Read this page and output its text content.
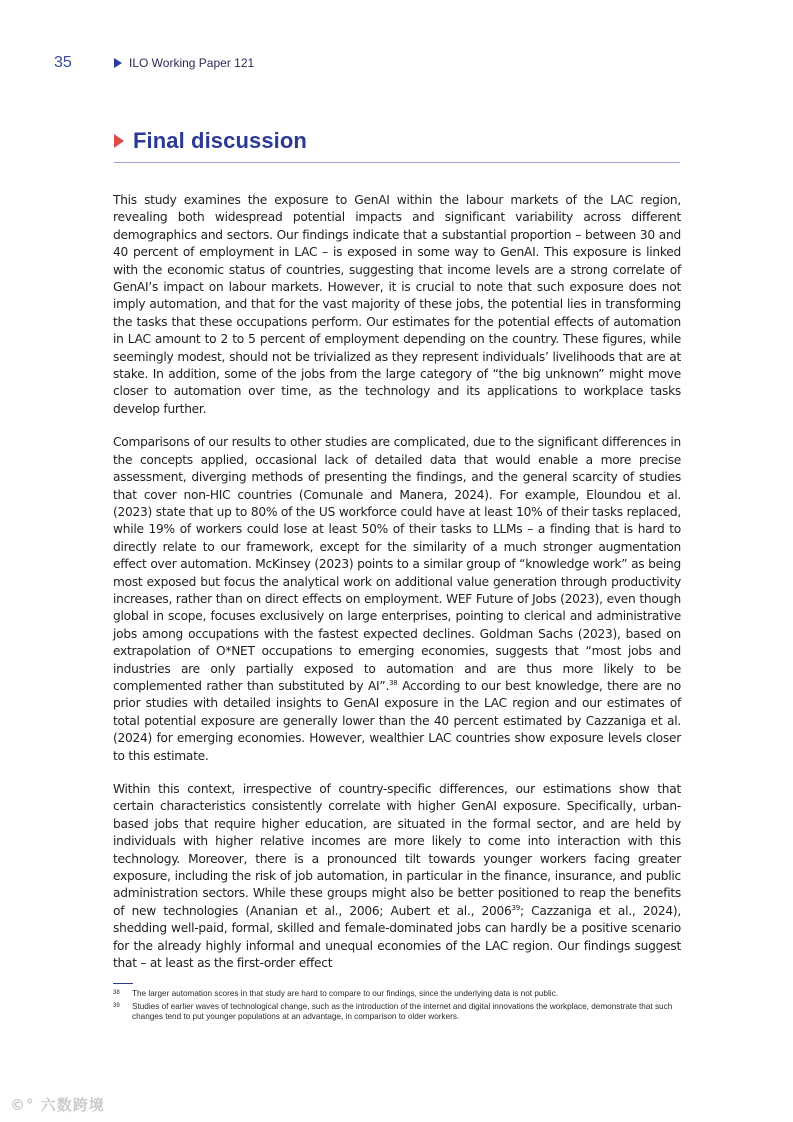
35	ILO Working Paper 121
Final discussion

This study examines the exposure to GenAI within the labour markets of the LAC region, revealing both widespread potential impacts and significant variability across different demographics and sectors. Our findings indicate that a substantial proportion – between 30 and 40 percent of employment in LAC – is exposed in some way to GenAI. This exposure is linked with the economic status of countries, suggesting that income levels are a strong correlate of GenAI’s impact on labour markets. However, it is crucial to note that such exposure does not imply automation, and that for the vast majority of these jobs, the potential lies in transforming the tasks that these occupations perform. Our estimates for the potential effects of automation in LAC amount to 2 to 5 percent of employment depending on the country. These figures, while seemingly modest, should not be trivialized as they represent individuals’ livelihoods that are at stake. In addition, some of the jobs from the large category of “the big unknown” might move closer to automation over time, as the technology and its applications to workplace tasks develop further.

Comparisons of our results to other studies are complicated, due to the significant differences in the concepts applied, occasional lack of detailed data that would enable a more precise assessment, diverging methods of presenting the findings, and the general scarcity of studies that cover non-HIC countries (Comunale and Manera, 2024). For example, Eloundou et al. (2023) state that up to 80% of the US workforce could have at least 10% of their tasks replaced, while 19% of workers could lose at least 50% of their tasks to LLMs – a finding that is hard to directly relate to our framework, except for the similarity of a much stronger augmentation effect over automation. McKinsey (2023) points to a similar group of “knowledge work” as being most exposed but focus the analytical work on additional value generation through productivity increases, rather than on direct effects on employment. WEF Future of Jobs (2023), even though global in scope, focuses exclusively on large enterprises, pointing to clerical and administrative jobs among occupations with the fastest expected declines. Goldman Sachs (2023), based on extrapolation of O*NET occupations to emerging economies, suggests that “most jobs and industries are only partially exposed to automation and are thus more likely to be complemented rather than substituted by AI”.$^{38}$ According to our best knowledge, there are no prior studies with detailed insights to GenAI exposure in the LAC region and our estimates of total potential exposure are generally lower than the 40 percent estimated by Cazzaniga et al. (2024) for emerging economies. However, wealthier LAC countries show exposure levels closer to this estimate.

Within this context, irrespective of country-specific differences, our estimations show that certain characteristics consistently correlate with higher GenAI exposure. Specifically, urban-based jobs that require higher education, are situated in the formal sector, and are held by individuals with higher relative incomes are more likely to come into interaction with this technology. Moreover, there is a pronounced tilt towards younger workers facing greater exposure, including the risk of job automation, in particular in the finance, insurance, and public administration sectors. While these groups might also be better positioned to reap the benefits of new technologies (Ananian et al., 2006; Aubert et al., 2006$^{39}$; Cazzaniga et al., 2024), shedding well-paid, formal, skilled and female-dominated jobs can hardly be a positive scenario for the already highly informal and unequal economies of the LAC region. Our findings suggest that – at least as the first-order effect

38	The larger automation scores in that study are hard to compare to our findings, since the underlying data is not public.
39	Studies of earlier waves of technological change, such as the introduction of the internet and digital innovations the workplace, demonstrate that such changes tend to put younger populations at an advantage, in comparison to older workers.
©° 六数跨境
